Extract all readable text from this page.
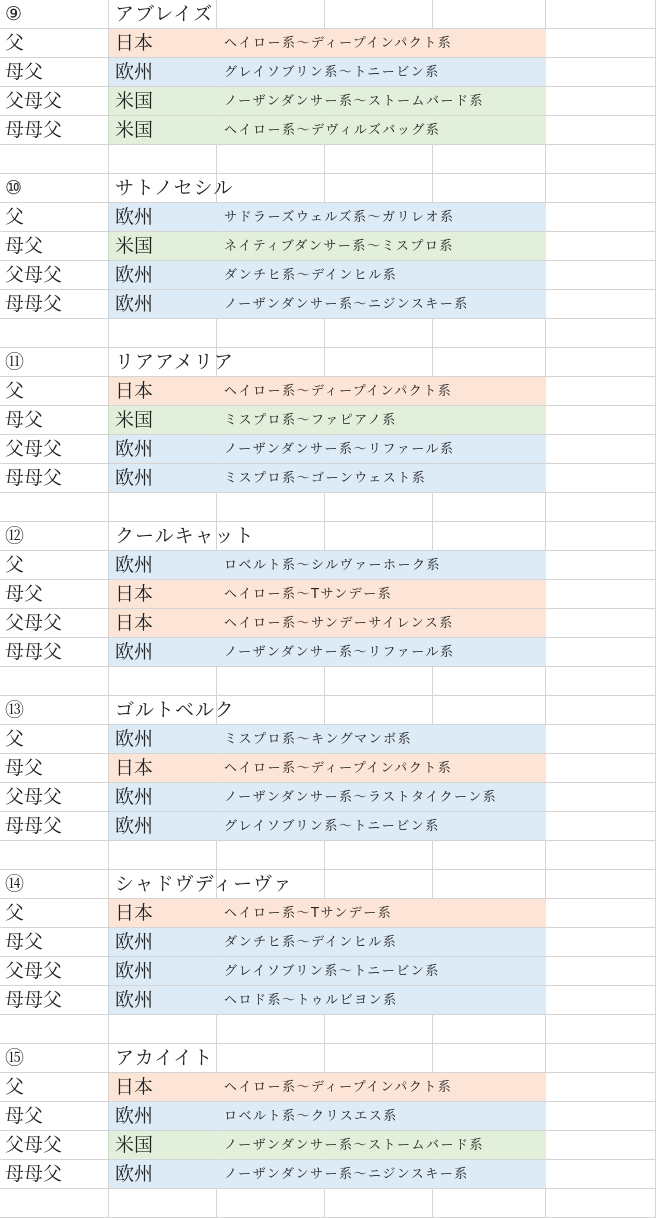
⑨	アブレイズ
父	日本	ヘイロー系～ディープインパクト系
母父	欧州	グレイソブリン系～トニービン系
父母父	米国	ノーザンダンサー系～ストームバード系
母母父	米国	ヘイロー系～デヴィルズバッグ系
⑩	サトノセシル
父	欧州	サドラーズウェルズ系～ガリレオ系
母父	米国	ネイティブダンサー系～ミスプロ系
父母父	欧州	ダンチヒ系～デインヒル系
母母父	欧州	ノーザンダンサー系～ニジンスキー系
⑪	リアアメリア
父	日本	ヘイロー系～ディープインパクト系
母父	米国	ミスプロ系～ファピアノ系
父母父	欧州	ノーザンダンサー系～リファール系
母母父	欧州	ミスプロ系～ゴーンウェスト系
⑫	クールキャット
父	欧州	ロベルト系～シルヴァーホーク系
母父	日本	ヘイロー系～Tサンデー系
父母父	日本	ヘイロー系～サンデーサイレンス系
母母父	欧州	ノーザンダンサー系～リファール系
⑬	ゴルトベルク
父	欧州	ミスプロ系～キングマンボ系
母父	日本	ヘイロー系～ディープインパクト系
父母父	欧州	ノーザンダンサー系～ラストタイクーン系
母母父	欧州	グレイソブリン系～トニービン系
⑭	シャドヴディーヴァ
父	日本	ヘイロー系～Tサンデー系
母父	欧州	ダンチヒ系～デインヒル系
父母父	欧州	グレイソブリン系～トニービン系
母母父	欧州	ヘロド系～トゥルビヨン系
⑮	アカイイト
父	日本	ヘイロー系～ディープインパクト系
母父	欧州	ロベルト系～クリスエス系
父母父	米国	ノーザンダンサー系～ストームバード系
母母父	欧州	ノーザンダンサー系～ニジンスキー系
